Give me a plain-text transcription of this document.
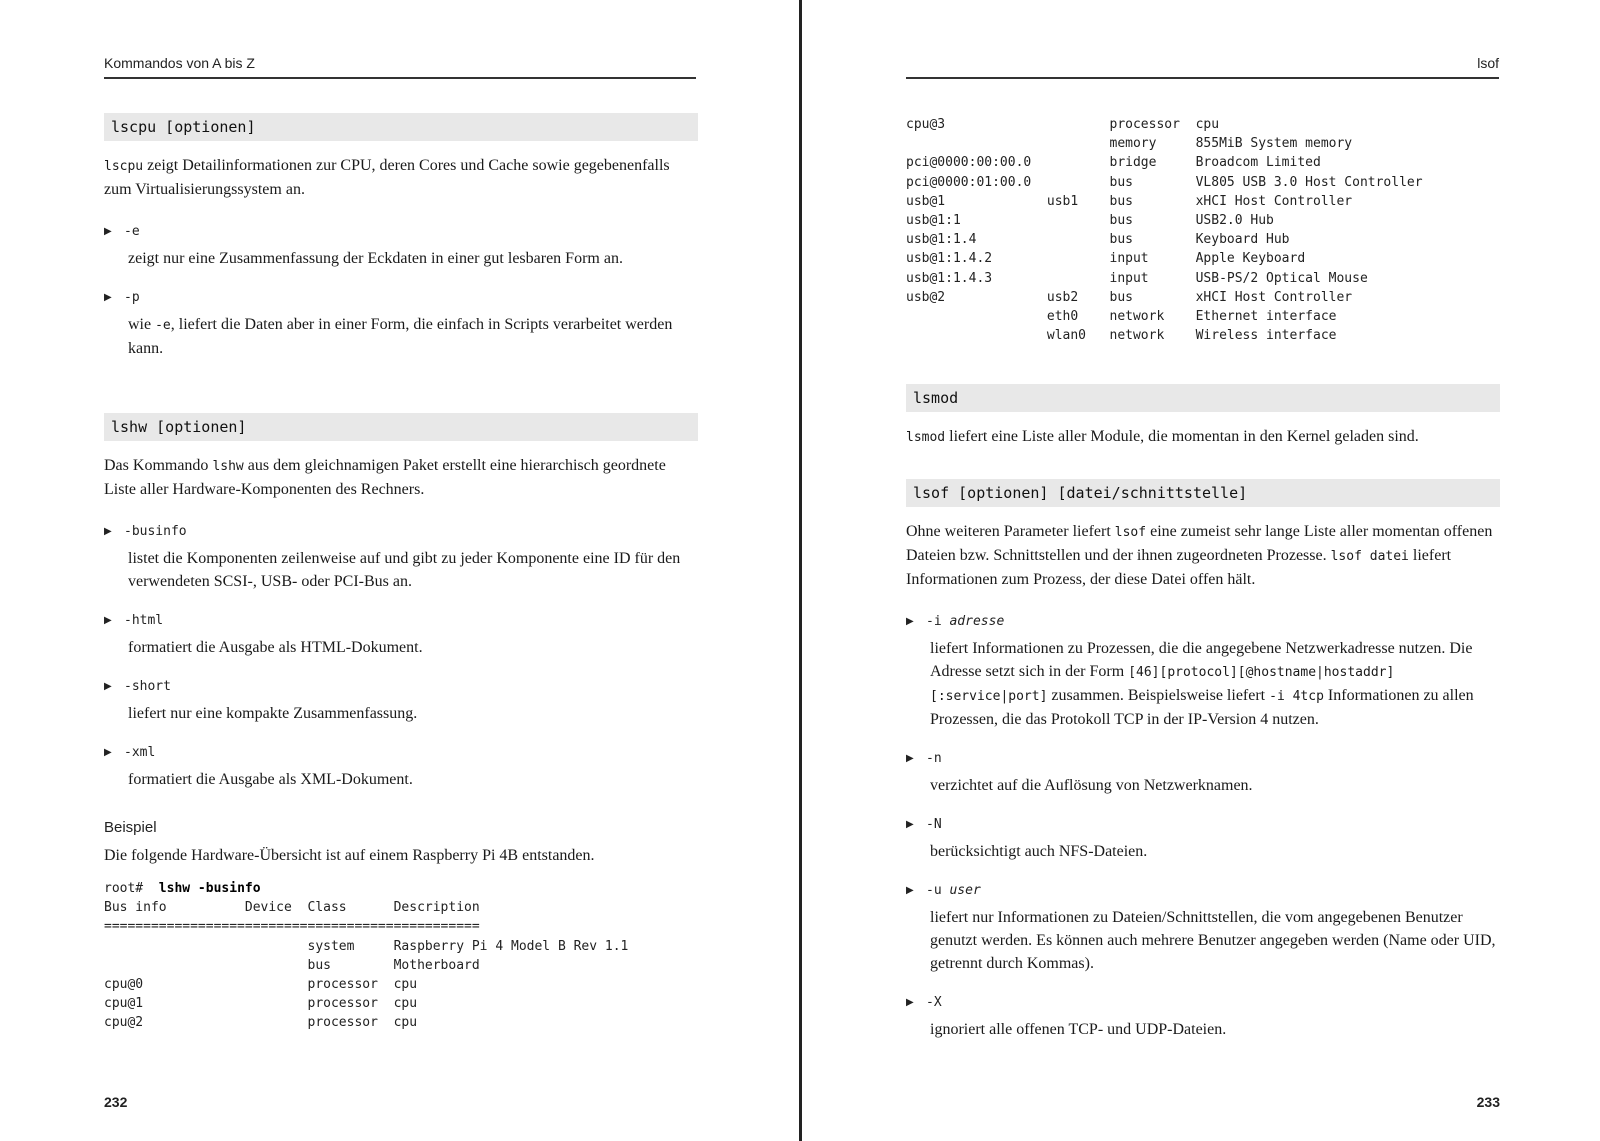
Kommandos von A bis Z
lscpu [optionen]

lscpu zeigt Detailinformationen zur CPU, deren Cores und Cache sowie gegebenenfalls zum Virtualisierungssystem an.

▶ -e

zeigt nur eine Zusammenfassung der Eckdaten in einer gut lesbaren Form an.

▶ -p

wie -e, liefert die Daten aber in einer Form, die einfach in Scripts verarbeitet werden kann.

lshw [optionen]

Das Kommando lshw aus dem gleichnamigen Paket erstellt eine hierarchisch geordnete Liste aller Hardware-Komponenten des Rechners.

▶ -businfo

listet die Komponenten zeilenweise auf und gibt zu jeder Komponente eine ID für den verwendeten SCSI-, USB- oder PCI-Bus an.

▶ -html

formatiert die Ausgabe als HTML-Dokument.

▶ -short

liefert nur eine kompakte Zusammenfassung.

▶ -xml

formatiert die Ausgabe als XML-Dokument.

Beispiel

Die folgende Hardware-Übersicht ist auf einem Raspberry Pi 4B entstanden.

root# lshw -businfo
Bus info          Device  Class      Description
================================================
system     Raspberry Pi 4 Model B Rev 1.1
bus        Motherboard
cpu@0                     processor  cpu
cpu@1                     processor  cpu
cpu@2                     processor  cpu
232
lsof
cpu@3                     processor  cpu
memory     855MiB System memory
pci@0000:00:00.0          bridge     Broadcom Limited
pci@0000:01:00.0          bus        VL805 USB 3.0 Host Controller
usb@1             usb1    bus        xHCI Host Controller
usb@1:1                   bus        USB2.0 Hub
usb@1:1.4                 bus        Keyboard Hub
usb@1:1.4.2               input      Apple Keyboard
usb@1:1.4.3               input      USB-PS/2 Optical Mouse
usb@2             usb2    bus        xHCI Host Controller
eth0    network    Ethernet interface
wlan0   network    Wireless interface
lsmod

lsmod liefert eine Liste aller Module, die momentan in den Kernel geladen sind.

lsof [optionen] [datei/schnittstelle]

Ohne weiteren Parameter liefert lsof eine zumeist sehr lange Liste aller momentan offenen Dateien bzw. Schnittstellen und der ihnen zugeordneten Prozesse. lsof datei liefert Informationen zum Prozess, der diese Datei offen hält.

▶ -i adresse

liefert Informationen zu Prozessen, die die angegebene Netzwerkadresse nutzen. Die Adresse setzt sich in der Form [46][protocol][@hostname|hostaddr][:service|port] zusammen. Beispielsweise liefert -i 4tcp Informationen zu allen Prozessen, die das Protokoll TCP in der IP-Version 4 nutzen.

▶ -n

verzichtet auf die Auflösung von Netzwerknamen.

▶ -N

berücksichtigt auch NFS-Dateien.

▶ -u user

liefert nur Informationen zu Dateien/Schnittstellen, die vom angegebenen Benutzer genutzt werden. Es können auch mehrere Benutzer angegeben werden (Name oder UID, getrennt durch Kommas).

▶ -X

ignoriert alle offenen TCP- und UDP-Dateien.

233
